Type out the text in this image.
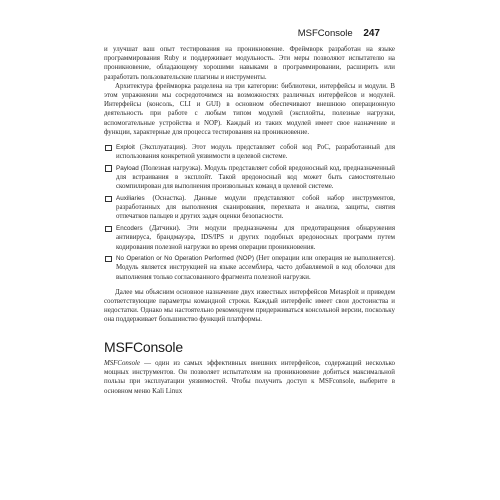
MSFConsole 247

и улучшат ваш опыт тестирования на проникновение. Фреймворк разработан на языке программирования Ruby и поддерживает модульность. Эти меры позволяют испытателю на проникновение, обладающему хорошими навыками в программировании, расширить или разработать пользовательские плагины и инструменты.

Архитектура фреймворка разделена на три категории: библиотеки, интерфейсы и модули. В этом упражнении мы сосредоточимся на возможностях различных интерфейсов и модулей. Интерфейсы (консоль, CLI и GUI) в основном обеспечивают внешнюю операционную деятельность при работе с любым типом модулей (эксплойты, полезные нагрузки, вспомогательные устройства и NOP). Каждый из таких модулей имеет свое назначение и функции, характерные для процесса тестирования на проникновение.

Exploit (Эксплуатация). Этот модуль представляет собой код PoC, разработанный для использования конкретной уязвимости в целевой системе.
Payload (Полезная нагрузка). Модуль представляет собой вредоносный код, предназначенный для встраивания в эксплойт. Такой вредоносный код может быть самостоятельно скомпилирован для выполнения произвольных команд в целевой системе.
Auxiliaries (Оснастка). Данные модули представляют собой набор инструментов, разработанных для выполнения сканирования, перехвата и анализа, защиты, снятия отпечатков пальцев и других задач оценки безопасности.
Encoders (Датчики). Эти модули предназначены для предотвращения обнаружения антивируса, брандмауэра, IDS/IPS и других подобных вредоносных программ путем кодирования полезной нагрузки во время операции проникновения.
No Operation or No Operation Performed (NOP) (Нет операции или операция не выполняется). Модуль является инструкцией на языке ассемблера, часто добавляемой в код оболочки для выполнения только согласованного фрагмента полезной нагрузки.

Далее мы объясним основное назначение двух известных интерфейсов Metasploit и приведем соответствующие параметры командной строки. Каждый интерфейс имеет свои достоинства и недостатки. Однако мы настоятельно рекомендуем придерживаться консольной версии, поскольку она поддерживает большинство функций платформы.

MSFConsole

MSFConsole — один из самых эффективных внешних интерфейсов, содержащий несколько мощных инструментов. Он позволяет испытателям на проникновение добиться максимальной пользы при эксплуатации уязвимостей. Чтобы получить доступ к MSFconsole, выберите в основном меню Kali Linux
